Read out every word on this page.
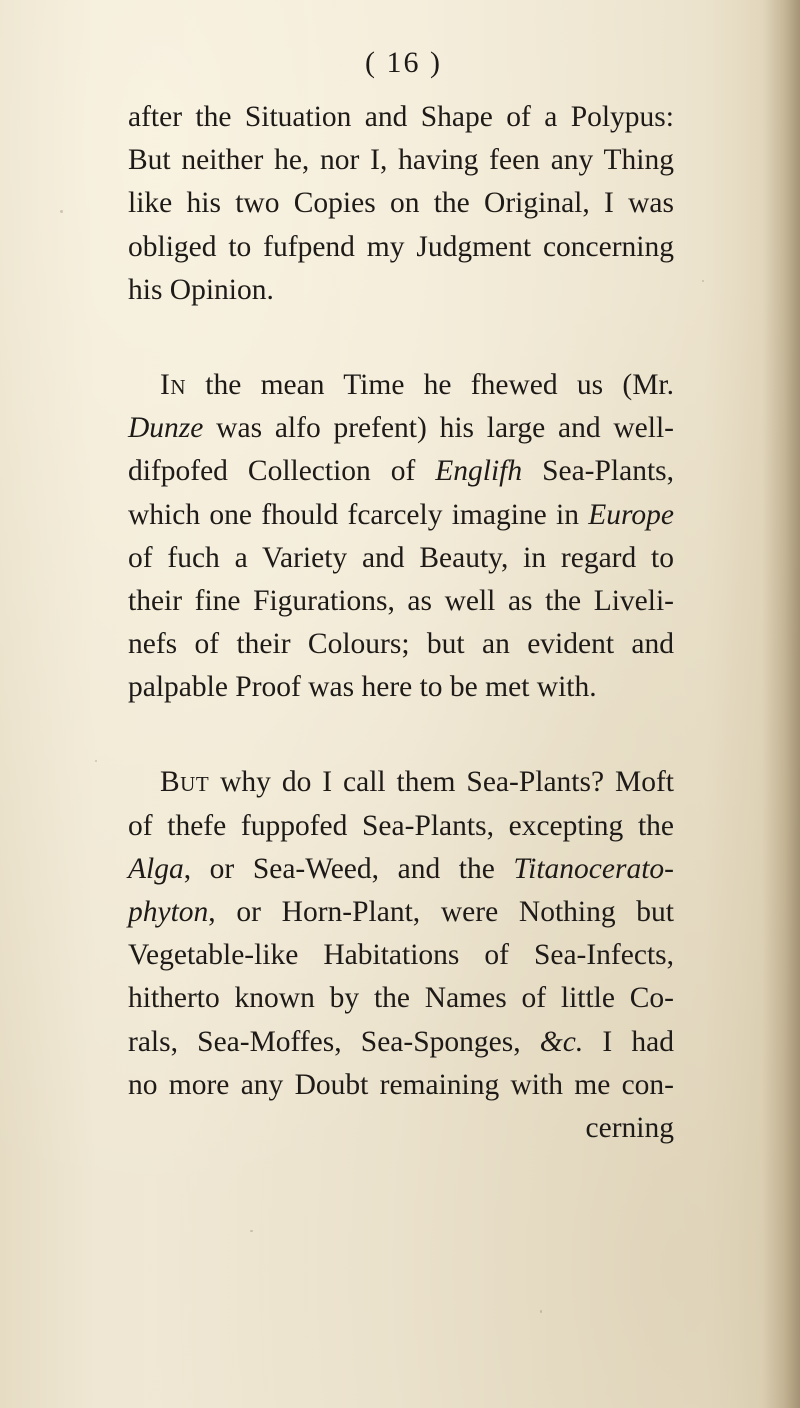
( 16 )
after the Situation and Shape of a Polypus:
But neither he, nor I, having feen any Thing
like his two Copies on the Original, I was
obliged to fufpend my Judgment concerning
his Opinion.
In the mean Time he fhewed us (Mr.
Dunze was alfo prefent) his large and well-
difpofed Collection of Englifh Sea-Plants,
which one fhould fcarcely imagine in Europe
of fuch a Variety and Beauty, in regard to
their fine Figurations, as well as the Liveli-
nefs of their Colours; but an evident and
palpable Proof was here to be met with.
But why do I call them Sea-Plants? Moft
of thefe fuppofed Sea-Plants, excepting the
Alga, or Sea-Weed, and the Titanocerato-
phyton, or Horn-Plant, were Nothing but
Vegetable-like Habitations of Sea-Infects,
hitherto known by the Names of little Co-
rals, Sea-Moffes, Sea-Sponges, &c. I had
no more any Doubt remaining with me con-
cerning
